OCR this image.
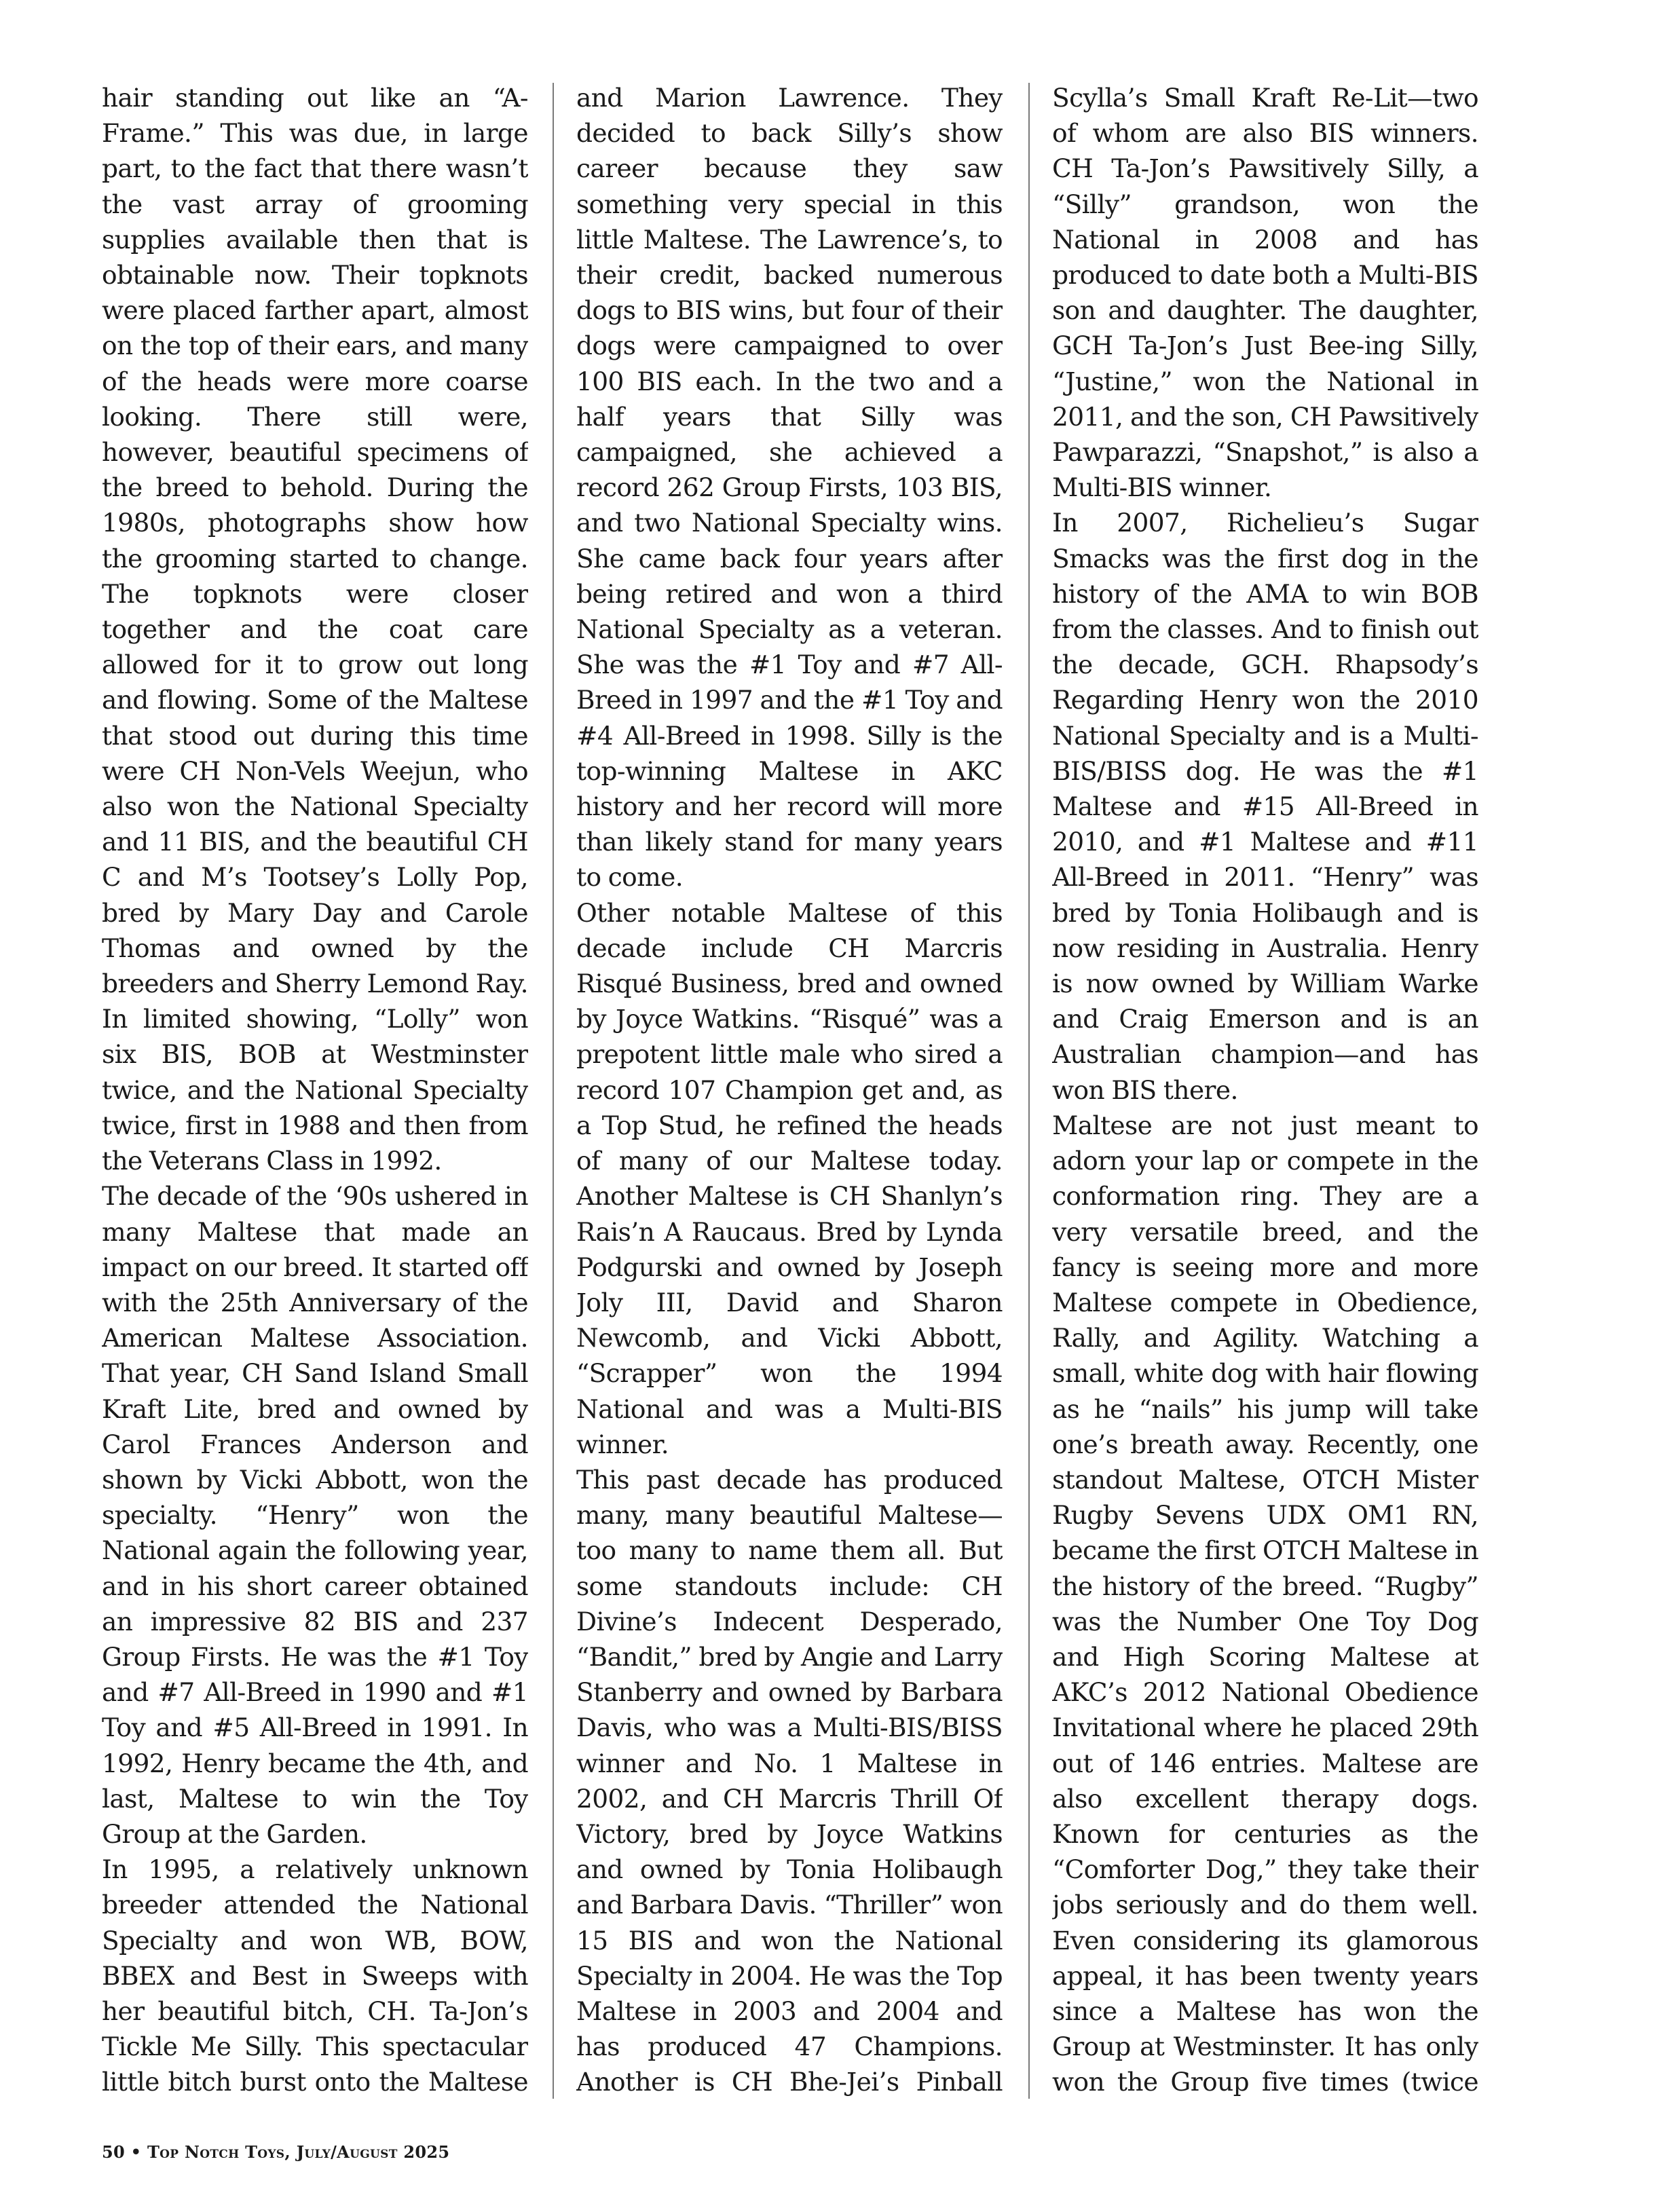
hair standing out like an “A-Frame.” This was due, in large part, to the fact that there wasn’t the vast array of grooming supplies available then that is obtainable now. Their topknots were placed farther apart, almost on the top of their ears, and many of the heads were more coarse looking. There still were, however, beautiful specimens of the breed to behold. During the 1980s, photographs show how the grooming started to change. The topknots were closer together and the coat care allowed for it to grow out long and flowing. Some of the Maltese that stood out during this time were CH Non-Vels Weejun, who also won the National Specialty and 11 BIS, and the beautiful CH C and M’s Tootsey’s Lolly Pop, bred by Mary Day and Carole Thomas and owned by the breeders and Sherry Lemond Ray. In limited showing, “Lolly” won six BIS, BOB at Westminster twice, and the National Specialty twice, first in 1988 and then from the Veterans Class in 1992.

The decade of the ‘90s ushered in many Maltese that made an impact on our breed. It started off with the 25th Anniversary of the American Maltese Association. That year, CH Sand Island Small Kraft Lite, bred and owned by Carol Frances Anderson and shown by Vicki Abbott, won the specialty. “Henry” won the National again the following year, and in his short career obtained an impressive 82 BIS and 237 Group Firsts. He was the #1 Toy and #7 All-Breed in 1990 and #1 Toy and #5 All-Breed in 1991. In 1992, Henry became the 4th, and last, Maltese to win the Toy Group at the Garden.

In 1995, a relatively unknown breeder attended the National Specialty and won WB, BOW, BBEX and Best in Sweeps with her beautiful bitch, CH. Ta-Jon’s Tickle Me Silly. This spectacular little bitch burst onto the Maltese

and Marion Lawrence. They decided to back Silly’s show career because they saw something very special in this little Maltese. The Lawrence’s, to their credit, backed numerous dogs to BIS wins, but four of their dogs were campaigned to over 100 BIS each. In the two and a half years that Silly was campaigned, she achieved a record 262 Group Firsts, 103 BIS, and two National Specialty wins. She came back four years after being retired and won a third National Specialty as a veteran. She was the #1 Toy and #7 All-Breed in 1997 and the #1 Toy and #4 All-Breed in 1998. Silly is the top-winning Maltese in AKC history and her record will more than likely stand for many years to come.

Other notable Maltese of this decade include CH Marcris Risqué Business, bred and owned by Joyce Watkins. “Risqué” was a prepotent little male who sired a record 107 Champion get and, as a Top Stud, he refined the heads of many of our Maltese today. Another Maltese is CH Shanlyn’s Rais’n A Raucaus. Bred by Lynda Podgurski and owned by Joseph Joly III, David and Sharon Newcomb, and Vicki Abbott, “Scrapper” won the 1994 National and was a Multi-BIS winner.

This past decade has produced many, many beautiful Maltese—too many to name them all. But some standouts include: CH Divine’s Indecent Desperado, “Bandit,” bred by Angie and Larry Stanberry and owned by Barbara Davis, who was a Multi-BIS/BISS winner and No. 1 Maltese in 2002, and CH Marcris Thrill Of Victory, bred by Joyce Watkins and owned by Tonia Holibaugh and Barbara Davis. “Thriller” won 15 BIS and won the National Specialty in 2004. He was the Top Maltese in 2003 and 2004 and has produced 47 Champions. Another is CH Bhe-Jei’s Pinball

Scylla’s Small Kraft Re-Lit—two of whom are also BIS winners. CH Ta-Jon’s Pawsitively Silly, a “Silly” grandson, won the National in 2008 and has produced to date both a Multi-BIS son and daughter. The daughter, GCH Ta-Jon’s Just Bee-ing Silly, “Justine,” won the National in 2011, and the son, CH Pawsitively Pawparazzi, “Snapshot,” is also a Multi-BIS winner.

In 2007, Richelieu’s Sugar Smacks was the first dog in the history of the AMA to win BOB from the classes. And to finish out the decade, GCH. Rhapsody’s Regarding Henry won the 2010 National Specialty and is a Multi-BIS/BISS dog. He was the #1 Maltese and #15 All-Breed in 2010, and #1 Maltese and #11 All-Breed in 2011. “Henry” was bred by Tonia Holibaugh and is now residing in Australia. Henry is now owned by William Warke and Craig Emerson and is an Australian champion—and has won BIS there.

Maltese are not just meant to adorn your lap or compete in the conformation ring. They are a very versatile breed, and the fancy is seeing more and more Maltese compete in Obedience, Rally, and Agility. Watching a small, white dog with hair flowing as he “nails” his jump will take one’s breath away. Recently, one standout Maltese, OTCH Mister Rugby Sevens UDX OM1 RN, became the first OTCH Maltese in the history of the breed. “Rugby” was the Number One Toy Dog and High Scoring Maltese at AKC’s 2012 National Obedience Invitational where he placed 29th out of 146 entries. Maltese are also excellent therapy dogs. Known for centuries as the “Comforter Dog,” they take their jobs seriously and do them well. Even considering its glamorous appeal, it has been twenty years since a Maltese has won the Group at Westminster. It has only won the Group five times (twice

50 • Top Notch Toys, July/August 2025
